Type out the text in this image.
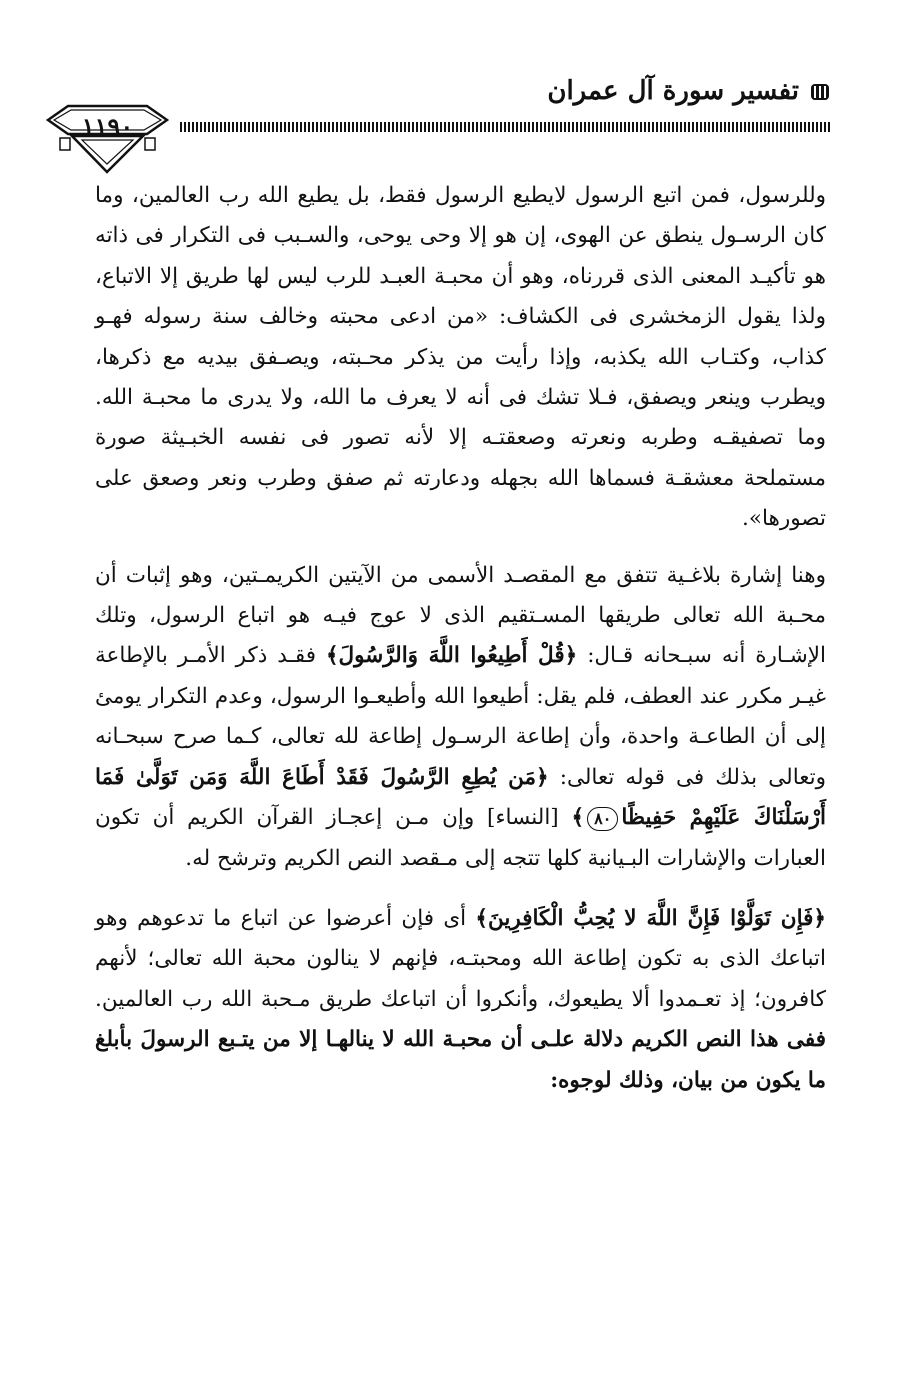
تفسير سورة آل عمران
١١٩٠

وللرسول، فمن اتبع الرسول لايطيع الرسول فقط، بل يطيع الله رب العالمين، وما كان الرسـول ينطق عن الهوى، إن هو إلا وحى يوحى، والسـبب فى التكرار فى ذاته هو تأكيـد المعنى الذى قررناه، وهو أن محبـة العبـد للرب ليس لها طريق إلا الاتباع، ولذا يقول الزمخشرى فى الكشاف: «من ادعى محبته وخالف سنة رسوله فهـو كذاب، وكتـاب الله يكذبه، وإذا رأيت من يذكر محـبته، ويصـفق بيديه مع ذكرها، ويطرب وينعر ويصفق، فـلا تشك فى أنه لا يعرف ما الله، ولا يدرى ما محبـة الله. وما تصفيقـه وطربه ونعرته وصعقتـه إلا لأنه تصور فى نفسه الخبـيثة صورة مستملحة معشقـة فسماها الله بجهله ودعارته ثم صفق وطرب ونعر وصعق على تصورها».

وهنا إشارة بلاغـية تتفق مع المقصـد الأسمى من الآيتين الكريمـتين، وهو إثبات أن محـبة الله تعالى طريقها المسـتقيم الذى لا عوج فيـه هو اتباع الرسول، وتلك الإشـارة أنه سبـحانه قـال: ﴿قُلْ أَطِيعُوا اللَّهَ وَالرَّسُولَ﴾ فقـد ذكر الأمـر بالإطاعة غيـر مكرر عند العطف، فلم يقل: أطيعوا الله وأطيعـوا الرسول، وعدم التكرار يومئ إلى أن الطاعـة واحدة، وأن إطاعة الرسـول إطاعة لله تعالى، كـما صرح سبحـانه وتعالى بذلك فى قوله تعالى: ﴿مَن يُطِعِ الرَّسُولَ فَقَدْ أَطَاعَ اللَّهَ وَمَن تَوَلَّىٰ فَمَا أَرْسَلْنَاكَ عَلَيْهِمْ حَفِيظًا٨٠﴾ [النساء] وإن مـن إعجـاز القرآن الكريم أن تكون العبارات والإشارات البـيانية كلها تتجه إلى مـقصد النص الكريم وترشح له.

﴿فَإِن تَوَلَّوْا فَإِنَّ اللَّهَ لا يُحِبُّ الْكَافِرِينَ﴾ أى فإن أعرضوا عن اتباع ما تدعوهم وهو اتباعك الذى به تكون إطاعة الله ومحبتـه، فإنهم لا ينالون محبة الله تعالى؛ لأنهم كافرون؛ إذ تعـمدوا ألا يطيعوك، وأنكروا أن اتباعك طريق مـحبة الله رب العالمين. ففى هذا النص الكريم دلالة علـى أن محبـة الله لا ينالهـا إلا من يتـبع الرسولَ بأبلغ ما يكون من بيان، وذلك لوجوه:
